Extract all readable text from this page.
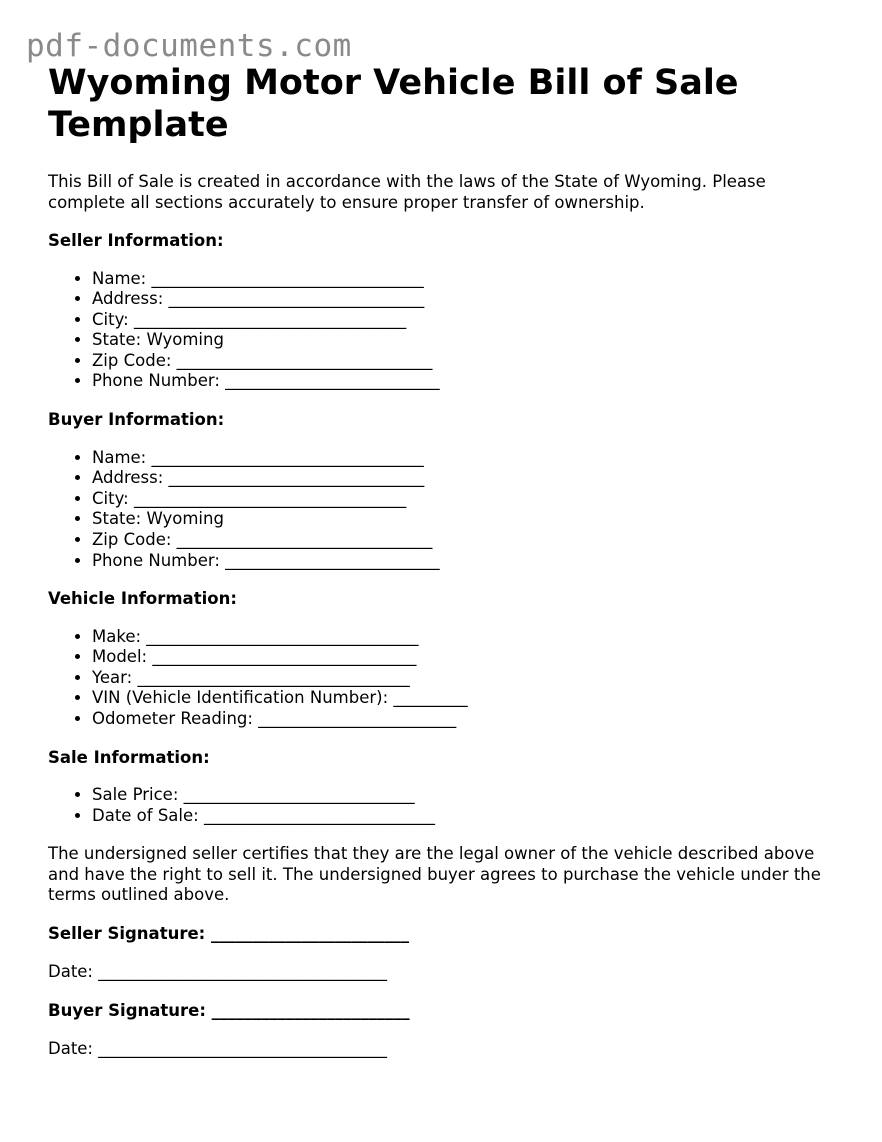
pdf-documents.com
Wyoming Motor Vehicle Bill of Sale Template

This Bill of Sale is created in accordance with the laws of the State of Wyoming. Please complete all sections accurately to ensure proper transfer of ownership.

Seller Information:

• Name: _________________________________
• Address: _______________________________
• City: _________________________________
• State: Wyoming
• Zip Code: _______________________________
• Phone Number: __________________________

Buyer Information:

• Name: _________________________________
• Address: _______________________________
• City: _________________________________
• State: Wyoming
• Zip Code: _______________________________
• Phone Number: __________________________

Vehicle Information:

• Make: _________________________________
• Model: ________________________________
• Year: _________________________________
• VIN (Vehicle Identification Number): _________
• Odometer Reading: ________________________

Sale Information:

• Sale Price: ____________________________
• Date of Sale: ____________________________

The undersigned seller certifies that they are the legal owner of the vehicle described above and have the right to sell it. The undersigned buyer agrees to purchase the vehicle under the terms outlined above.

Seller Signature: ________________________

Date: ___________________________________

Buyer Signature: ________________________

Date: ___________________________________
